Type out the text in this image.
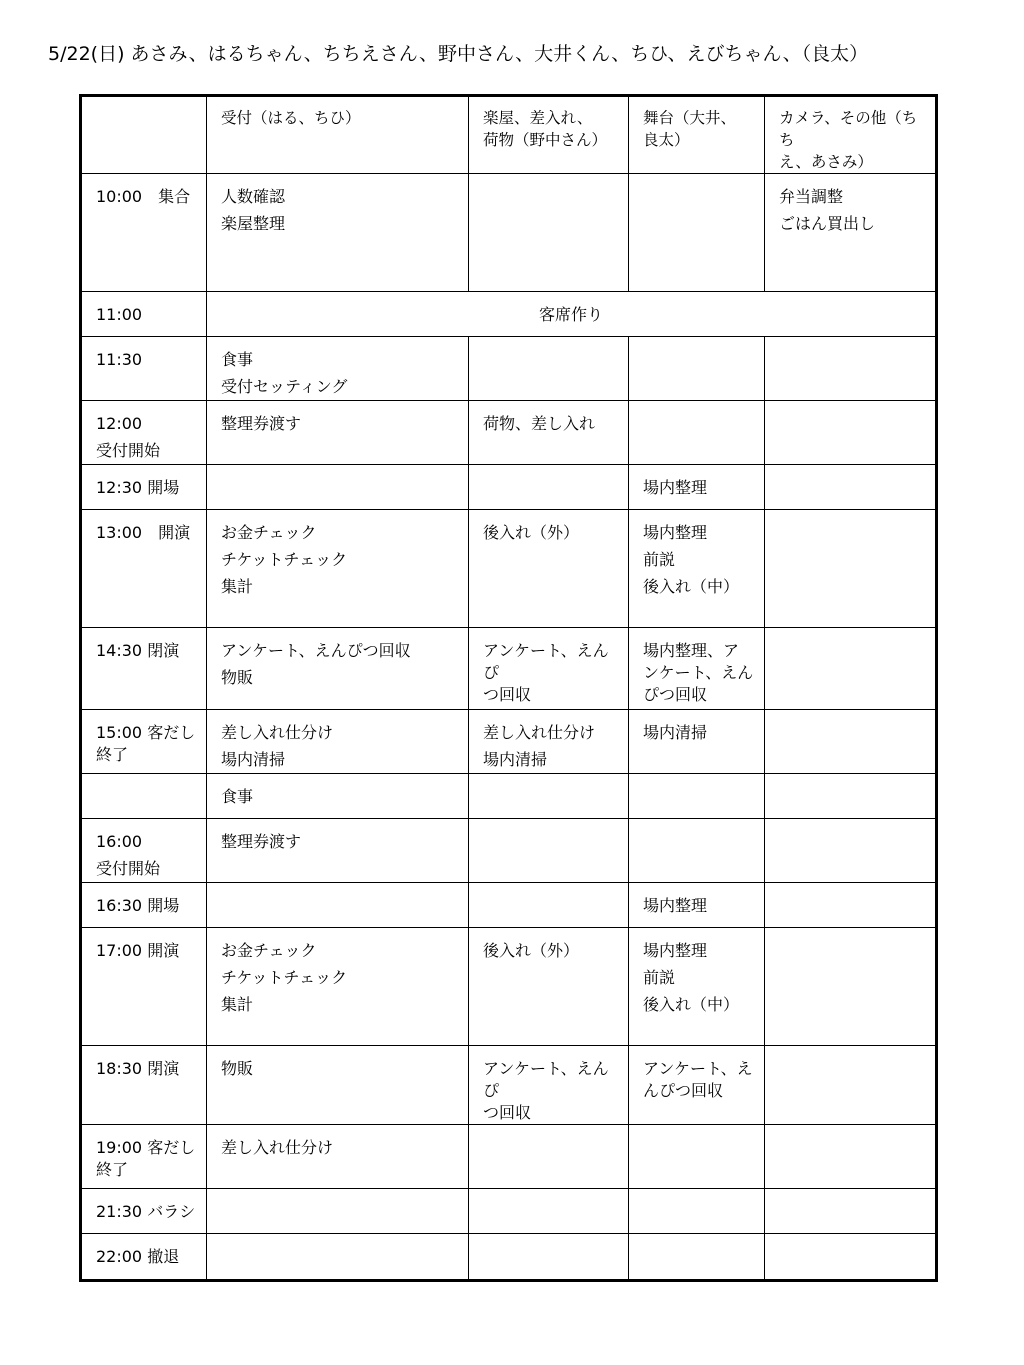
5/22(日) あさみ、はるちゃん、ちちえさん、野中さん、大井くん、ちひ、えびちゃん、（良太）

	受付（はる、ちひ）	楽屋、差入れ、
荷物（野中さん）	舞台（大井、
良太）	カメラ、その他（ちち
え、あさみ）

10:00　集合	人数確認
楽屋整理			弁当調整
ごはん買出し

11:00	客席作り			

11:30	食事
受付セッティング			

12:00
受付開始	整理券渡す	荷物、差し入れ		

12:30 開場			場内整理	

13:00　開演	お金チェック
チケットチェック
集計	後入れ（外）	場内整理
前説
後入れ（中）	

14:30 閉演	アンケート、えんぴつ回収
物販	アンケート、えんぴ
つ回収	場内整理、ア
ンケート、えん
ぴつ回収	

15:00 客だし
終了	差し入れ仕分け
場内清掃	差し入れ仕分け
場内清掃	場内清掃	

	食事			

16:00
受付開始	整理券渡す			

16:30 開場			場内整理	

17:00 開演	お金チェック
チケットチェック
集計	後入れ（外）	場内整理
前説
後入れ（中）	

18:30 閉演	物販	アンケート、えんぴ
つ回収	アンケート、え
んぴつ回収	

19:00 客だし
終了	差し入れ仕分け			

21:30 バラシ				

22:00 撤退				
